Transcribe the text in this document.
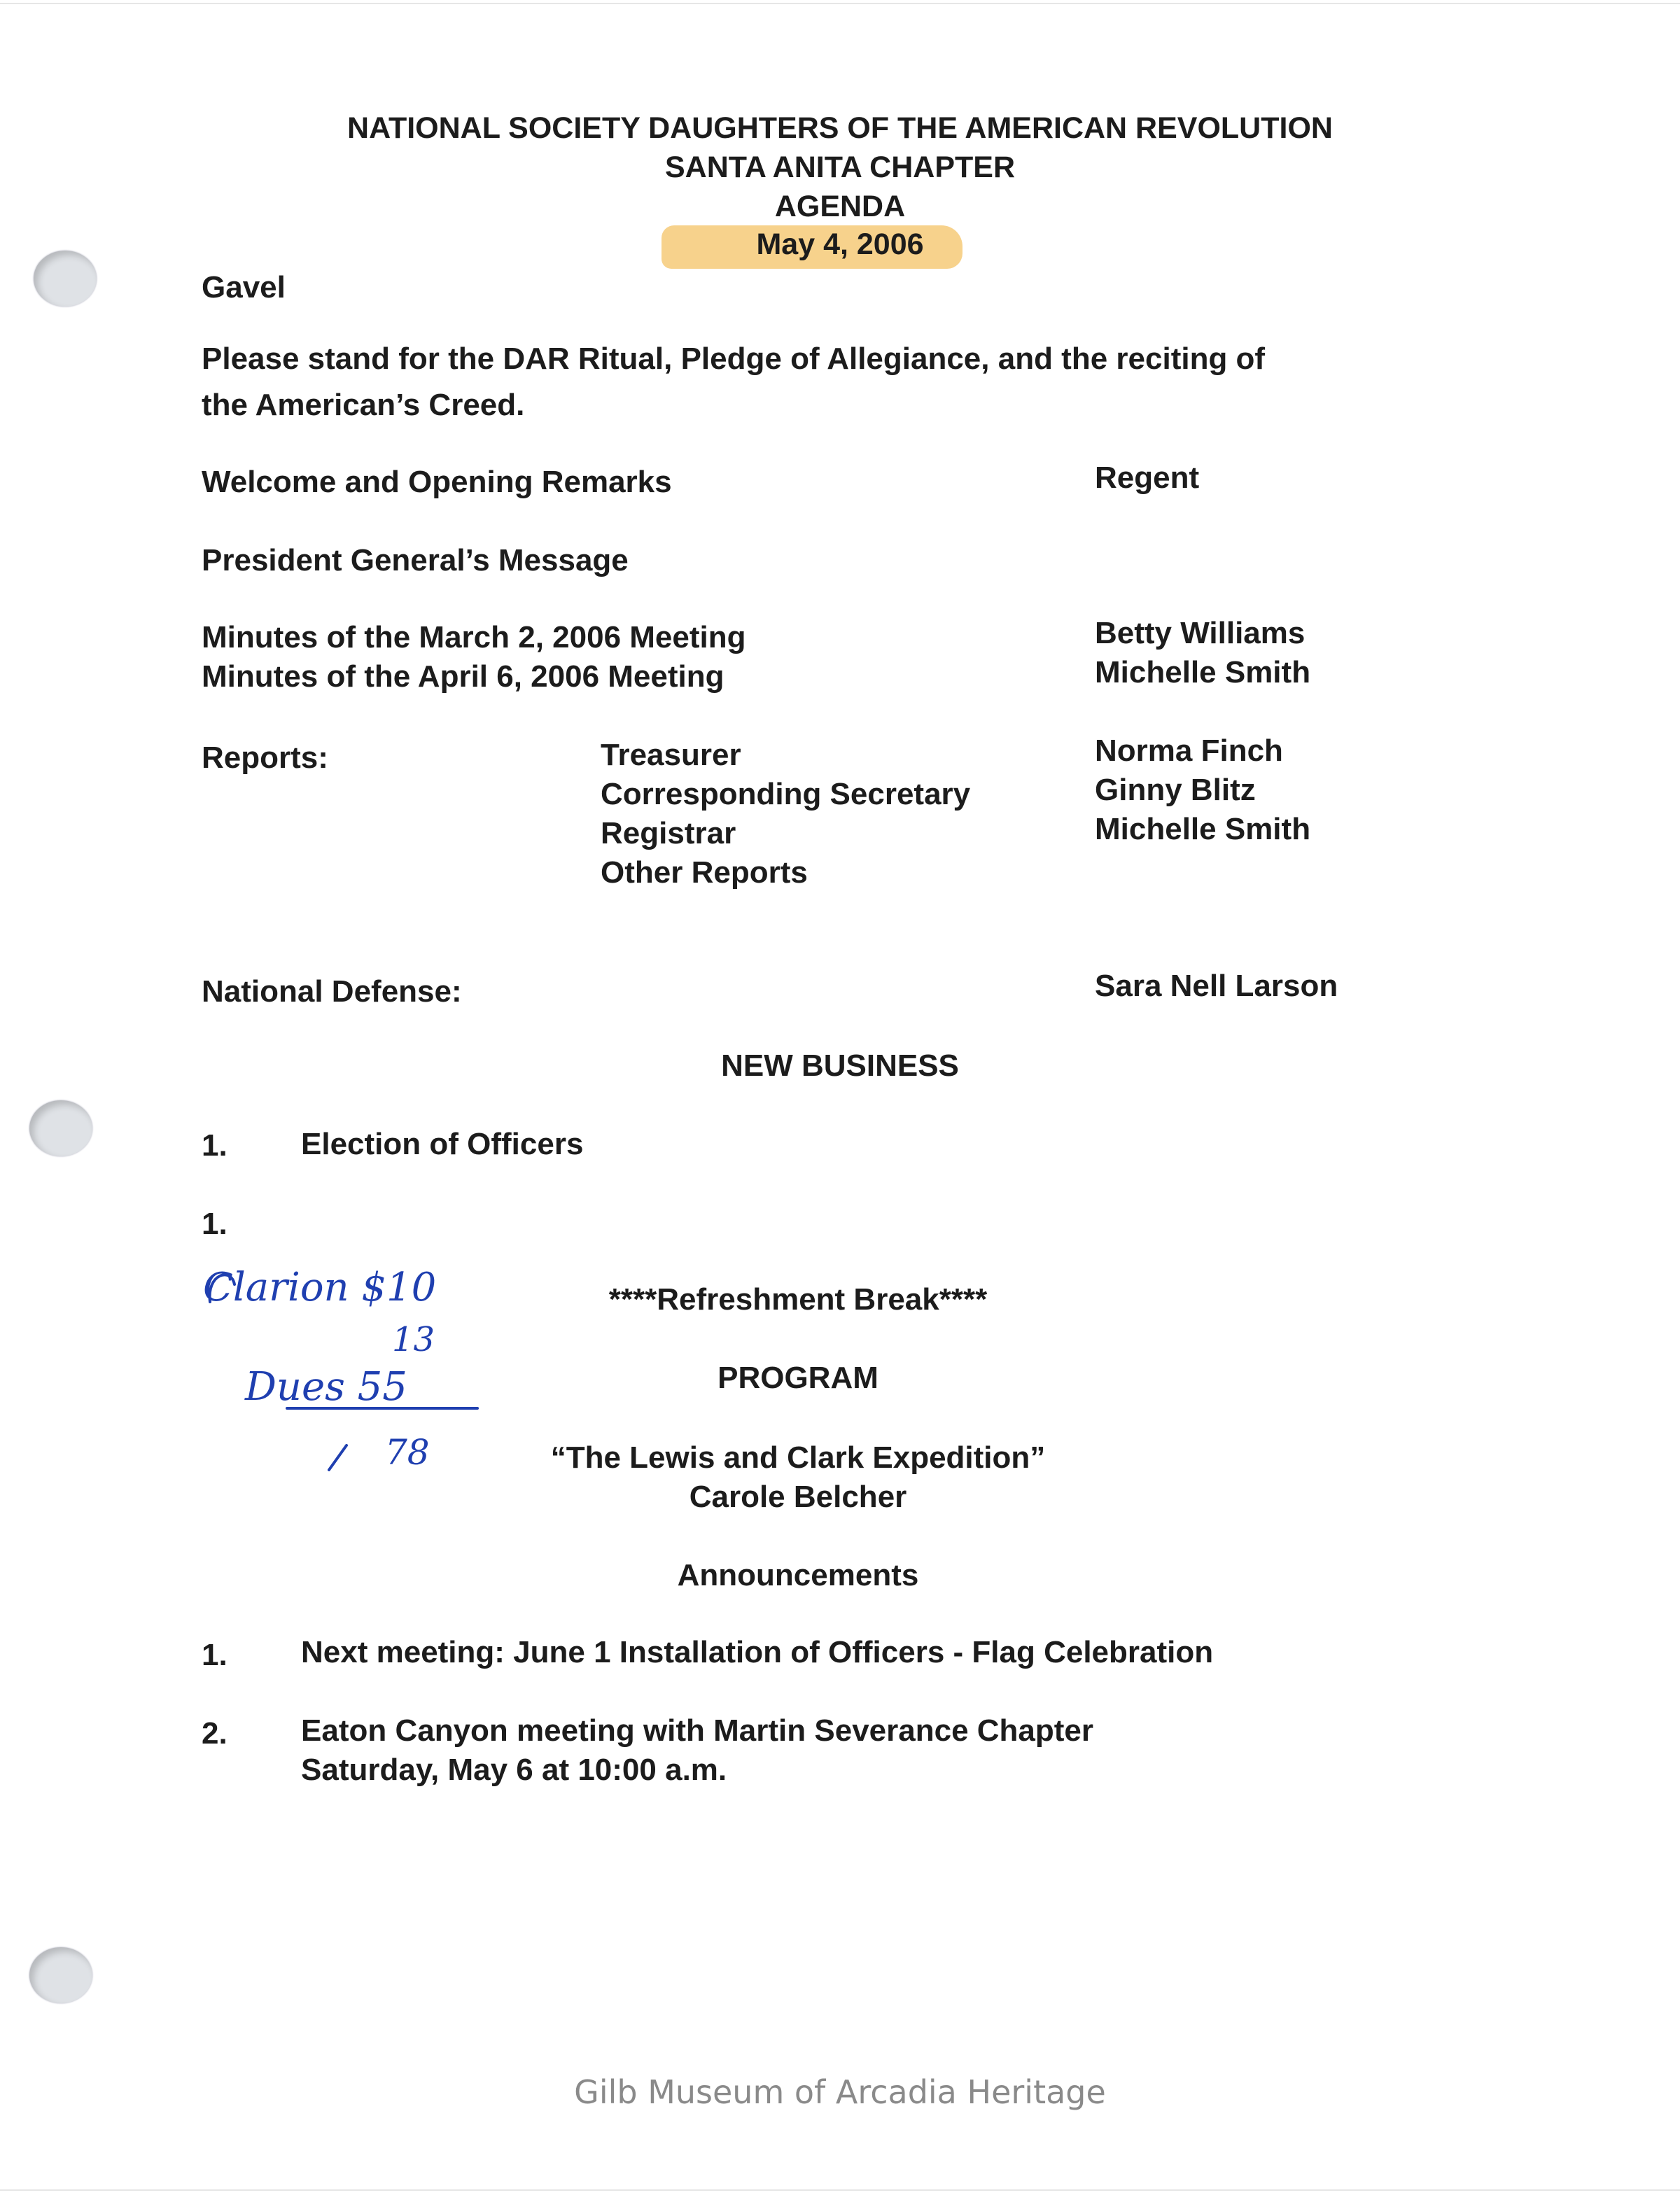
NATIONAL SOCIETY DAUGHTERS OF THE AMERICAN REVOLUTION
SANTA ANITA CHAPTER
AGENDA
May 4, 2006
Gavel
Please stand for the DAR Ritual, Pledge of Allegiance, and the reciting of
the American’s Creed.
Welcome and Opening Remarks	Regent
President General’s Message
Minutes of the March 2, 2006 Meeting	Betty Williams
Minutes of the April 6, 2006 Meeting	Michelle Smith
Reports:	Treasurer	Norma Finch
Corresponding Secretary	Ginny Blitz
Registrar	Michelle Smith
Other Reports
National Defense:	Sara Nell Larson
NEW BUSINESS
1. Election of Officers
1.
Clarion $10
13
Dues 55
78
****Refreshment Break****
PROGRAM
“The Lewis and Clark Expedition”
Carole Belcher
Announcements
1. Next meeting: June 1 Installation of Officers - Flag Celebration
2. Eaton Canyon meeting with Martin Severance Chapter
Saturday, May 6 at 10:00 a.m.
Gilb Museum of Arcadia Heritage
